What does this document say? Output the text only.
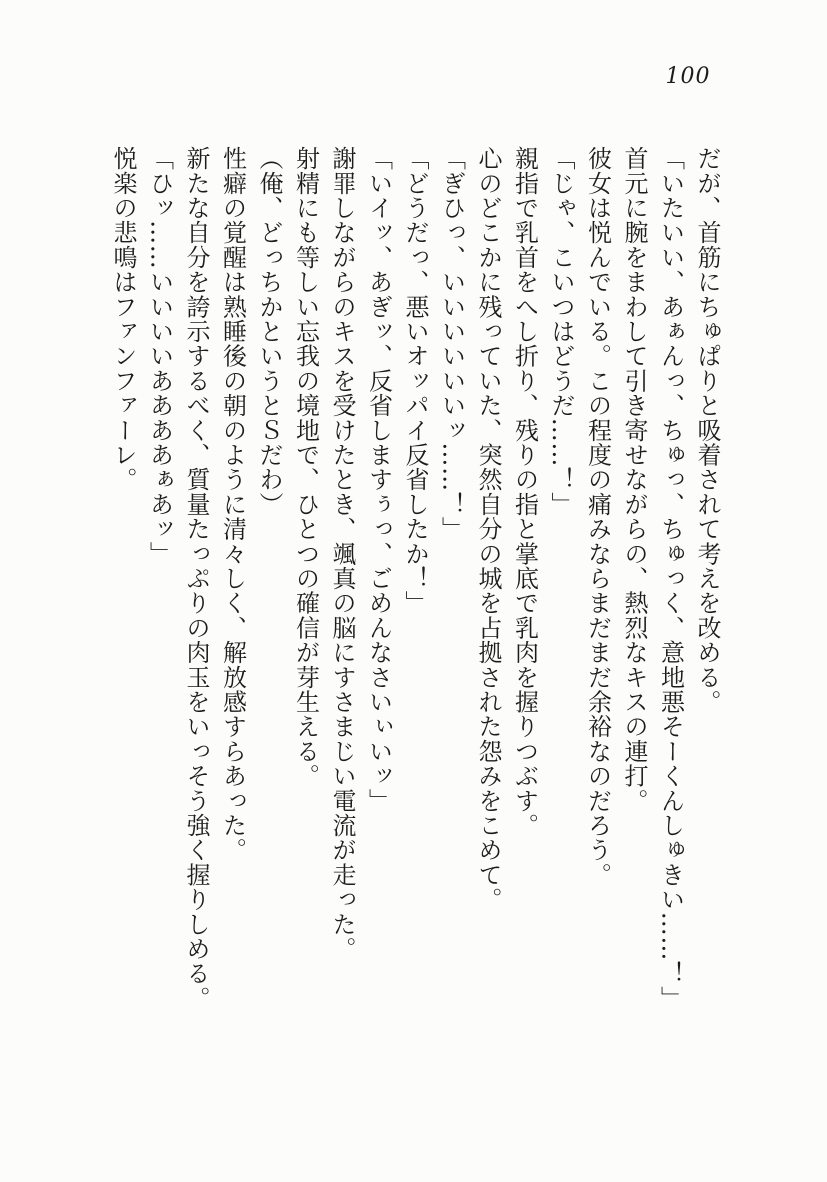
100
だが、首筋にちゅぱりと吸着されて考えを改める。
「いたいい、あぁんっ、ちゅっ、ちゅっく、意地悪そーくんしゅきい……！」
首元に腕をまわして引き寄せながらの、熱烈なキスの連打。
彼女は悦んでいる。この程度の痛みならまだまだ余裕なのだろう。
「じゃ、こいつはどうだ……！」
親指で乳首をへし折り、残りの指と掌底で乳肉を握りつぶす。
心のどこかに残っていた、突然自分の城を占拠された怨みをこめて。
「ぎひっ、いいいいいいッ……！」
「どうだっ、悪いオッパイ反省したか！」
「いイッ、あぎッ、反省しますぅっ、ごめんなさいぃいッ」
謝罪しながらのキスを受けたとき、颯真の脳にすさまじい電流が走った。
射精にも等しい忘我の境地で、ひとつの確信が芽生える。
（俺、どっちかというとＳだわ）
性癖の覚醒は熟睡後の朝のように清々しく、解放感すらあった。
新たな自分を誇示するべく、質量たっぷりの肉玉をいっそう強く握りしめる。
「ひッ……いいいいああああぁあッ」
悦楽の悲鳴はファンファーレ。
